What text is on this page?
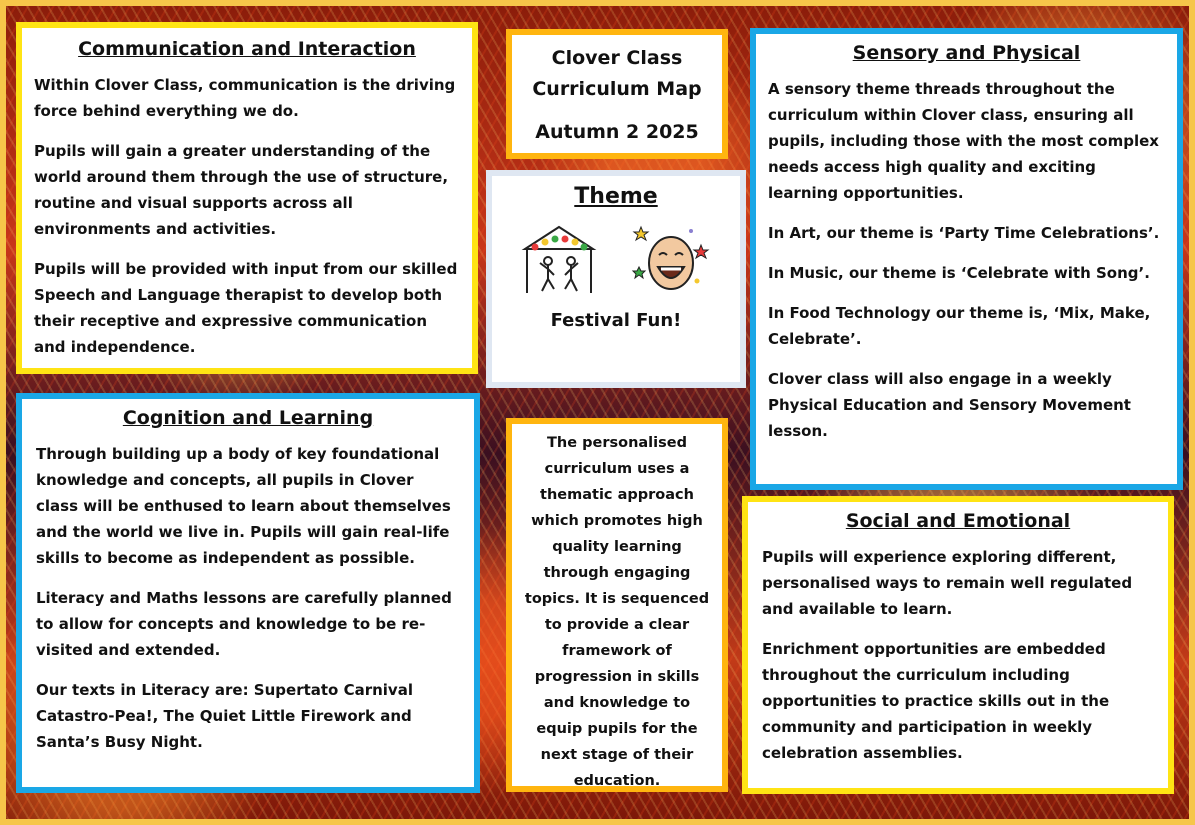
Communication and Interaction
Within Clover Class, communication is the driving force behind everything we do.
Pupils will gain a greater understanding of the world around them through the use of structure, routine and visual supports across all environments and activities.
Pupils will be provided with input from our skilled Speech and Language therapist to develop both their receptive and expressive communication and independence.
Clover Class
Curriculum Map
Autumn 2 2025
Theme
Festival Fun!
Sensory and Physical
A sensory theme threads throughout the curriculum within Clover class, ensuring all pupils, including those with the most complex needs access high quality and exciting learning opportunities.
In Art, our theme is ‘Party Time Celebrations’.
In Music, our theme is ‘Celebrate with Song’.
In Food Technology our theme is, ‘Mix, Make, Celebrate’.
Clover class will also engage in a weekly Physical Education and Sensory Movement lesson.
Cognition and Learning
Through building up a body of key foundational knowledge and concepts, all pupils in Clover class will be enthused to learn about themselves and the world we live in. Pupils will gain real-life skills to become as independent as possible.
Literacy and Maths lessons are carefully planned to allow for concepts and knowledge to be re-visited and extended.
Our texts in Literacy are: Supertato Carnival Catastro-Pea!, The Quiet Little Firework and Santa’s Busy Night.
The personalised curriculum uses a thematic approach which promotes high quality learning through engaging topics. It is sequenced to provide a clear framework of progression in skills and knowledge to equip pupils for the next stage of their education.
Social and Emotional
Pupils will experience exploring different, personalised ways to remain well regulated and available to learn.
Enrichment opportunities are embedded throughout the curriculum including opportunities to practice skills out in the community and participation in weekly celebration assemblies.
